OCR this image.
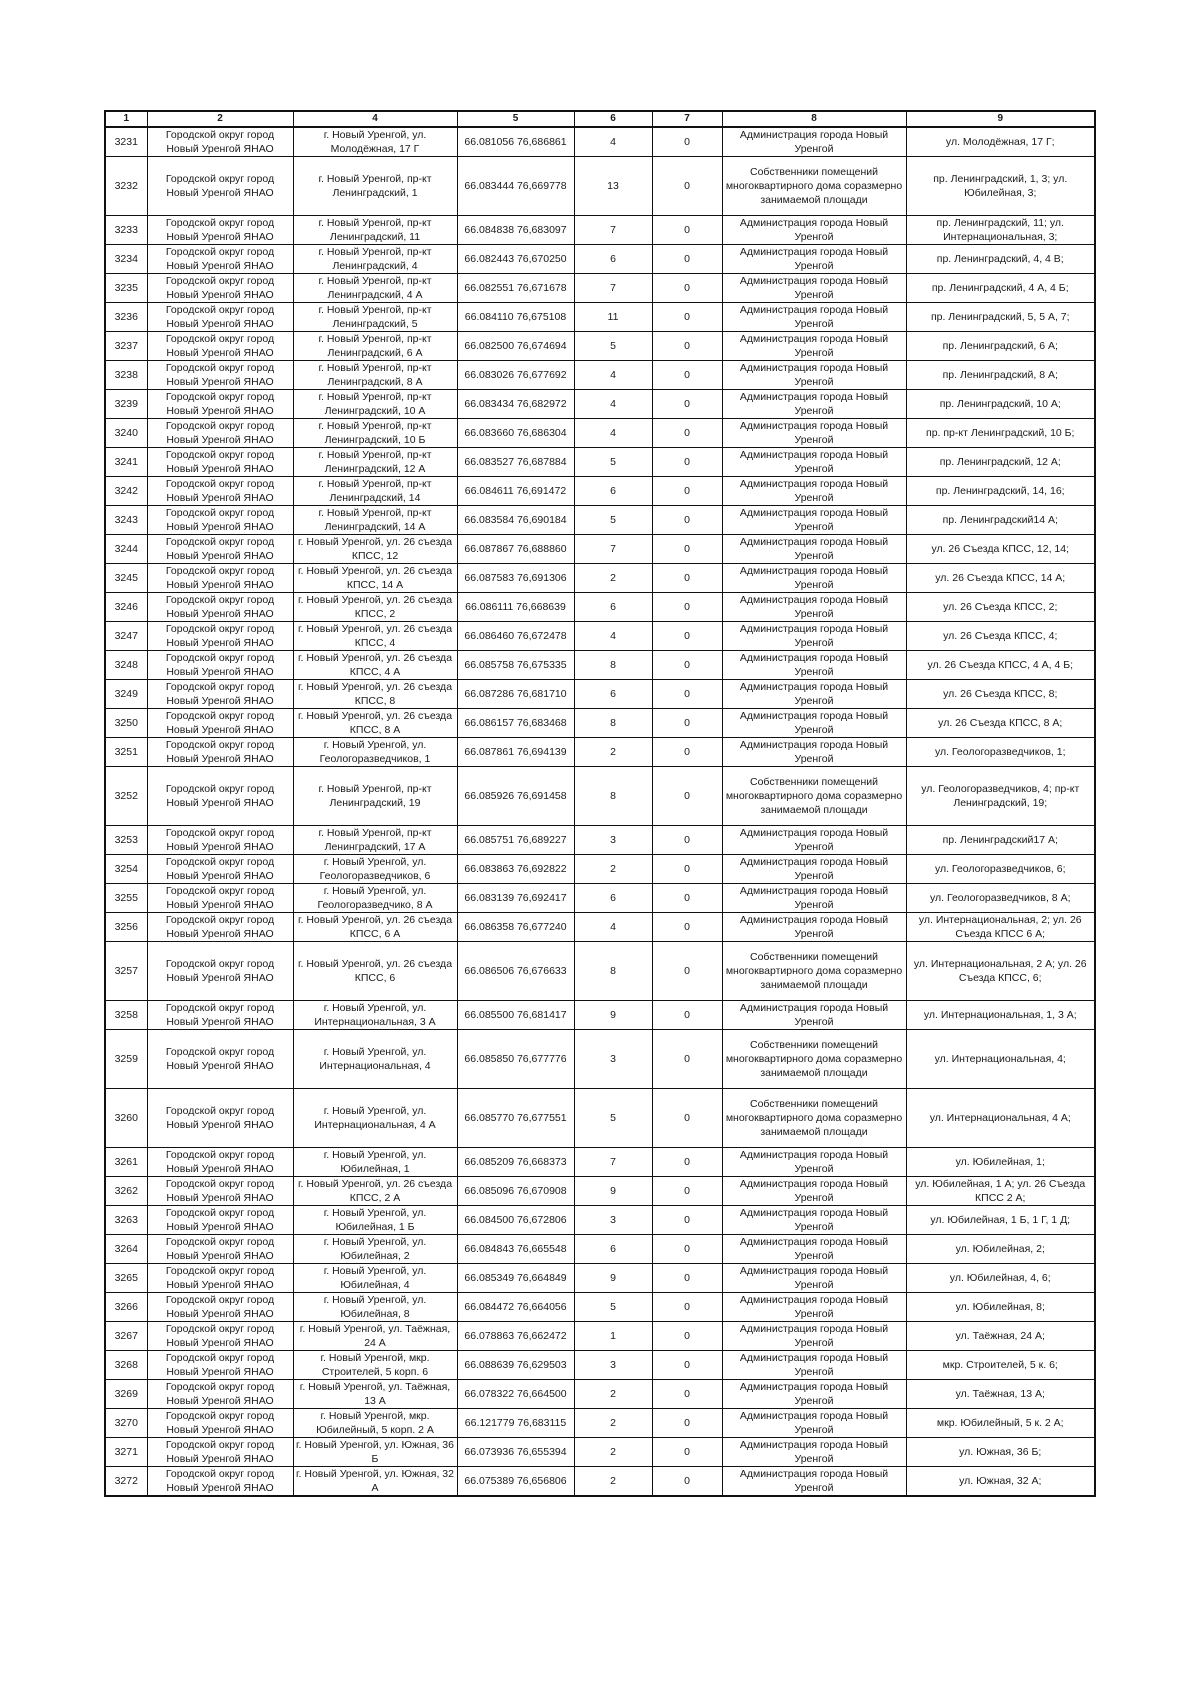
1	2	4	5	6	7	8	9
3231	Городской округ город Новый Уренгой ЯНАО	г. Новый Уренгой, ул. Молодёжная, 17 Г	66.081056 76,686861	4	0	Администрация города Новый Уренгой	ул. Молодёжная, 17 Г;
3232	Городской округ город Новый Уренгой ЯНАО	г. Новый Уренгой, пр-кт Ленинградский, 1	66.083444 76,669778	13	0	Собственники помещений многоквартирного дома соразмерно занимаемой площади	пр. Ленинградский, 1, 3; ул. Юбилейная, 3;
3233	Городской округ город Новый Уренгой ЯНАО	г. Новый Уренгой, пр-кт Ленинградский, 11	66.084838 76,683097	7	0	Администрация города Новый Уренгой	пр. Ленинградский, 11; ул. Интернациональная, 3;
3234	Городской округ город Новый Уренгой ЯНАО	г. Новый Уренгой, пр-кт Ленинградский, 4	66.082443 76,670250	6	0	Администрация города Новый Уренгой	пр. Ленинградский, 4, 4 В;
3235	Городской округ город Новый Уренгой ЯНАО	г. Новый Уренгой, пр-кт Ленинградский, 4 А	66.082551 76,671678	7	0	Администрация города Новый Уренгой	пр. Ленинградский, 4 А, 4 Б;
3236	Городской округ город Новый Уренгой ЯНАО	г. Новый Уренгой, пр-кт Ленинградский, 5	66.084110 76,675108	11	0	Администрация города Новый Уренгой	пр. Ленинградский, 5, 5 А, 7;
3237	Городской округ город Новый Уренгой ЯНАО	г. Новый Уренгой, пр-кт Ленинградский, 6 А	66.082500 76,674694	5	0	Администрация города Новый Уренгой	пр. Ленинградский, 6 А;
3238	Городской округ город Новый Уренгой ЯНАО	г. Новый Уренгой, пр-кт Ленинградский, 8 А	66.083026 76,677692	4	0	Администрация города Новый Уренгой	пр. Ленинградский, 8 А;
3239	Городской округ город Новый Уренгой ЯНАО	г. Новый Уренгой, пр-кт Ленинградский, 10 А	66.083434 76,682972	4	0	Администрация города Новый Уренгой	пр. Ленинградский, 10 А;
3240	Городской округ город Новый Уренгой ЯНАО	г. Новый Уренгой, пр-кт Ленинградский, 10 Б	66.083660 76,686304	4	0	Администрация города Новый Уренгой	пр. пр-кт Ленинградский, 10 Б;
3241	Городской округ город Новый Уренгой ЯНАО	г. Новый Уренгой, пр-кт Ленинградский, 12 А	66.083527 76,687884	5	0	Администрация города Новый Уренгой	пр. Ленинградский, 12 А;
3242	Городской округ город Новый Уренгой ЯНАО	г. Новый Уренгой, пр-кт Ленинградский, 14	66.084611 76,691472	6	0	Администрация города Новый Уренгой	пр. Ленинградский, 14, 16;
3243	Городской округ город Новый Уренгой ЯНАО	г. Новый Уренгой, пр-кт Ленинградский, 14 А	66.083584 76,690184	5	0	Администрация города Новый Уренгой	пр. Ленинградский14 А;
3244	Городской округ город Новый Уренгой ЯНАО	г. Новый Уренгой, ул. 26 съезда КПСС, 12	66.087867 76,688860	7	0	Администрация города Новый Уренгой	ул. 26 Съезда КПСС, 12, 14;
3245	Городской округ город Новый Уренгой ЯНАО	г. Новый Уренгой, ул. 26 съезда КПСС, 14 А	66.087583 76,691306	2	0	Администрация города Новый Уренгой	ул. 26 Съезда КПСС, 14 А;
3246	Городской округ город Новый Уренгой ЯНАО	г. Новый Уренгой, ул. 26 съезда КПСС, 2	66.086111 76,668639	6	0	Администрация города Новый Уренгой	ул. 26 Съезда КПСС, 2;
3247	Городской округ город Новый Уренгой ЯНАО	г. Новый Уренгой, ул. 26 съезда КПСС, 4	66.086460 76,672478	4	0	Администрация города Новый Уренгой	ул. 26 Съезда КПСС, 4;
3248	Городской округ город Новый Уренгой ЯНАО	г. Новый Уренгой, ул. 26 съезда КПСС, 4 А	66.085758 76,675335	8	0	Администрация города Новый Уренгой	ул. 26 Съезда КПСС, 4 А, 4 Б;
3249	Городской округ город Новый Уренгой ЯНАО	г. Новый Уренгой, ул. 26 съезда КПСС, 8	66.087286 76,681710	6	0	Администрация города Новый Уренгой	ул. 26 Съезда КПСС, 8;
3250	Городской округ город Новый Уренгой ЯНАО	г. Новый Уренгой, ул. 26 съезда КПСС, 8 А	66.086157 76,683468	8	0	Администрация города Новый Уренгой	ул. 26 Съезда КПСС, 8 А;
3251	Городской округ город Новый Уренгой ЯНАО	г. Новый Уренгой, ул. Геологоразведчиков, 1	66.087861 76,694139	2	0	Администрация города Новый Уренгой	ул. Геологоразведчиков, 1;
3252	Городской округ город Новый Уренгой ЯНАО	г. Новый Уренгой, пр-кт Ленинградский, 19	66.085926 76,691458	8	0	Собственники помещений многоквартирного дома соразмерно занимаемой площади	ул. Геологоразведчиков, 4; пр-кт Ленинградский, 19;
3253	Городской округ город Новый Уренгой ЯНАО	г. Новый Уренгой, пр-кт Ленинградский, 17 А	66.085751 76,689227	3	0	Администрация города Новый Уренгой	пр. Ленинградский17 А;
3254	Городской округ город Новый Уренгой ЯНАО	г. Новый Уренгой, ул. Геологоразведчиков, 6	66.083863 76,692822	2	0	Администрация города Новый Уренгой	ул. Геологоразведчиков, 6;
3255	Городской округ город Новый Уренгой ЯНАО	г. Новый Уренгой, ул. Геологоразведчико, 8 А	66.083139 76,692417	6	0	Администрация города Новый Уренгой	ул. Геологоразведчиков, 8 А;
3256	Городской округ город Новый Уренгой ЯНАО	г. Новый Уренгой, ул. 26 съезда КПСС, 6 А	66.086358 76,677240	4	0	Администрация города Новый Уренгой	ул. Интернациональная, 2; ул. 26 Съезда КПСС 6 А;
3257	Городской округ город Новый Уренгой ЯНАО	г. Новый Уренгой, ул. 26 съезда КПСС, 6	66.086506 76,676633	8	0	Собственники помещений многоквартирного дома соразмерно занимаемой площади	ул. Интернациональная, 2 А; ул. 26 Съезда КПСС, 6;
3258	Городской округ город Новый Уренгой ЯНАО	г. Новый Уренгой, ул. Интернациональная, 3 А	66.085500 76,681417	9	0	Администрация города Новый Уренгой	ул. Интернациональная, 1, 3 А;
3259	Городской округ город Новый Уренгой ЯНАО	г. Новый Уренгой, ул. Интернациональная, 4	66.085850 76,677776	3	0	Собственники помещений многоквартирного дома соразмерно занимаемой площади	ул. Интернациональная, 4;
3260	Городской округ город Новый Уренгой ЯНАО	г. Новый Уренгой, ул. Интернациональная, 4 А	66.085770 76,677551	5	0	Собственники помещений многоквартирного дома соразмерно занимаемой площади	ул. Интернациональная, 4 А;
3261	Городской округ город Новый Уренгой ЯНАО	г. Новый Уренгой, ул. Юбилейная, 1	66.085209 76,668373	7	0	Администрация города Новый Уренгой	ул. Юбилейная, 1;
3262	Городской округ город Новый Уренгой ЯНАО	г. Новый Уренгой, ул. 26 съезда КПСС, 2 А	66.085096 76,670908	9	0	Администрация города Новый Уренгой	ул. Юбилейная, 1 А; ул. 26 Съезда КПСС 2 А;
3263	Городской округ город Новый Уренгой ЯНАО	г. Новый Уренгой, ул. Юбилейная, 1 Б	66.084500 76,672806	3	0	Администрация города Новый Уренгой	ул. Юбилейная, 1 Б, 1 Г, 1 Д;
3264	Городской округ город Новый Уренгой ЯНАО	г. Новый Уренгой, ул. Юбилейная, 2	66.084843 76,665548	6	0	Администрация города Новый Уренгой	ул. Юбилейная, 2;
3265	Городской округ город Новый Уренгой ЯНАО	г. Новый Уренгой, ул. Юбилейная, 4	66.085349 76,664849	9	0	Администрация города Новый Уренгой	ул. Юбилейная, 4, 6;
3266	Городской округ город Новый Уренгой ЯНАО	г. Новый Уренгой, ул. Юбилейная, 8	66.084472 76,664056	5	0	Администрация города Новый Уренгой	ул. Юбилейная, 8;
3267	Городской округ город Новый Уренгой ЯНАО	г. Новый Уренгой, ул. Таёжная, 24 А	66.078863 76,662472	1	0	Администрация города Новый Уренгой	ул. Таёжная, 24 А;
3268	Городской округ город Новый Уренгой ЯНАО	г. Новый Уренгой, мкр. Строителей, 5 корп. 6	66.088639 76,629503	3	0	Администрация города Новый Уренгой	мкр. Строителей, 5 к. 6;
3269	Городской округ город Новый Уренгой ЯНАО	г. Новый Уренгой, ул. Таёжная, 13 А	66.078322 76,664500	2	0	Администрация города Новый Уренгой	ул. Таёжная, 13 А;
3270	Городской округ город Новый Уренгой ЯНАО	г. Новый Уренгой, мкр. Юбилейный, 5 корп. 2 А	66.121779 76,683115	2	0	Администрация города Новый Уренгой	мкр. Юбилейный, 5 к. 2 А;
3271	Городской округ город Новый Уренгой ЯНАО	г. Новый Уренгой, ул. Южная, 36 Б	66.073936 76,655394	2	0	Администрация города Новый Уренгой	ул. Южная, 36 Б;
3272	Городской округ город Новый Уренгой ЯНАО	г. Новый Уренгой, ул. Южная, 32 А	66.075389 76,656806	2	0	Администрация города Новый Уренгой	ул. Южная, 32 А;
